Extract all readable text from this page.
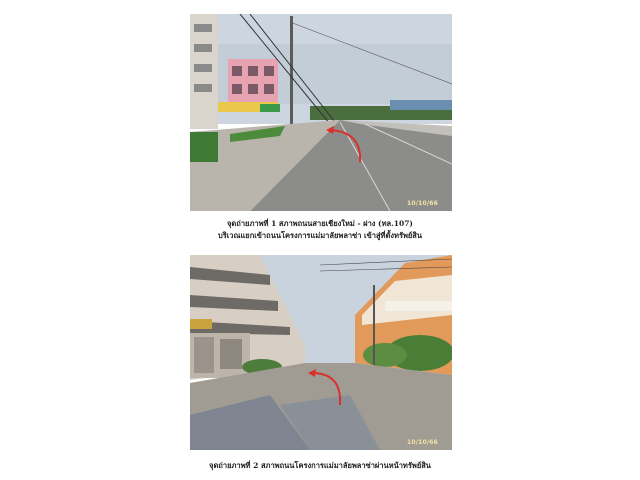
10/10/66
จุดถ่ายภาพที่ 1 สภาพถนนสายเชียงใหม่ - ฝาง (ทล.107)
บริเวณแยกเข้าถนนโครงการแม่มาลัยพลาซ่า เข้าสู่ที่ตั้งทรัพย์สิน
10/10/66
จุดถ่ายภาพที่ 2 สภาพถนนโครงการแม่มาลัยพลาซ่าผ่านหน้าทรัพย์สิน
